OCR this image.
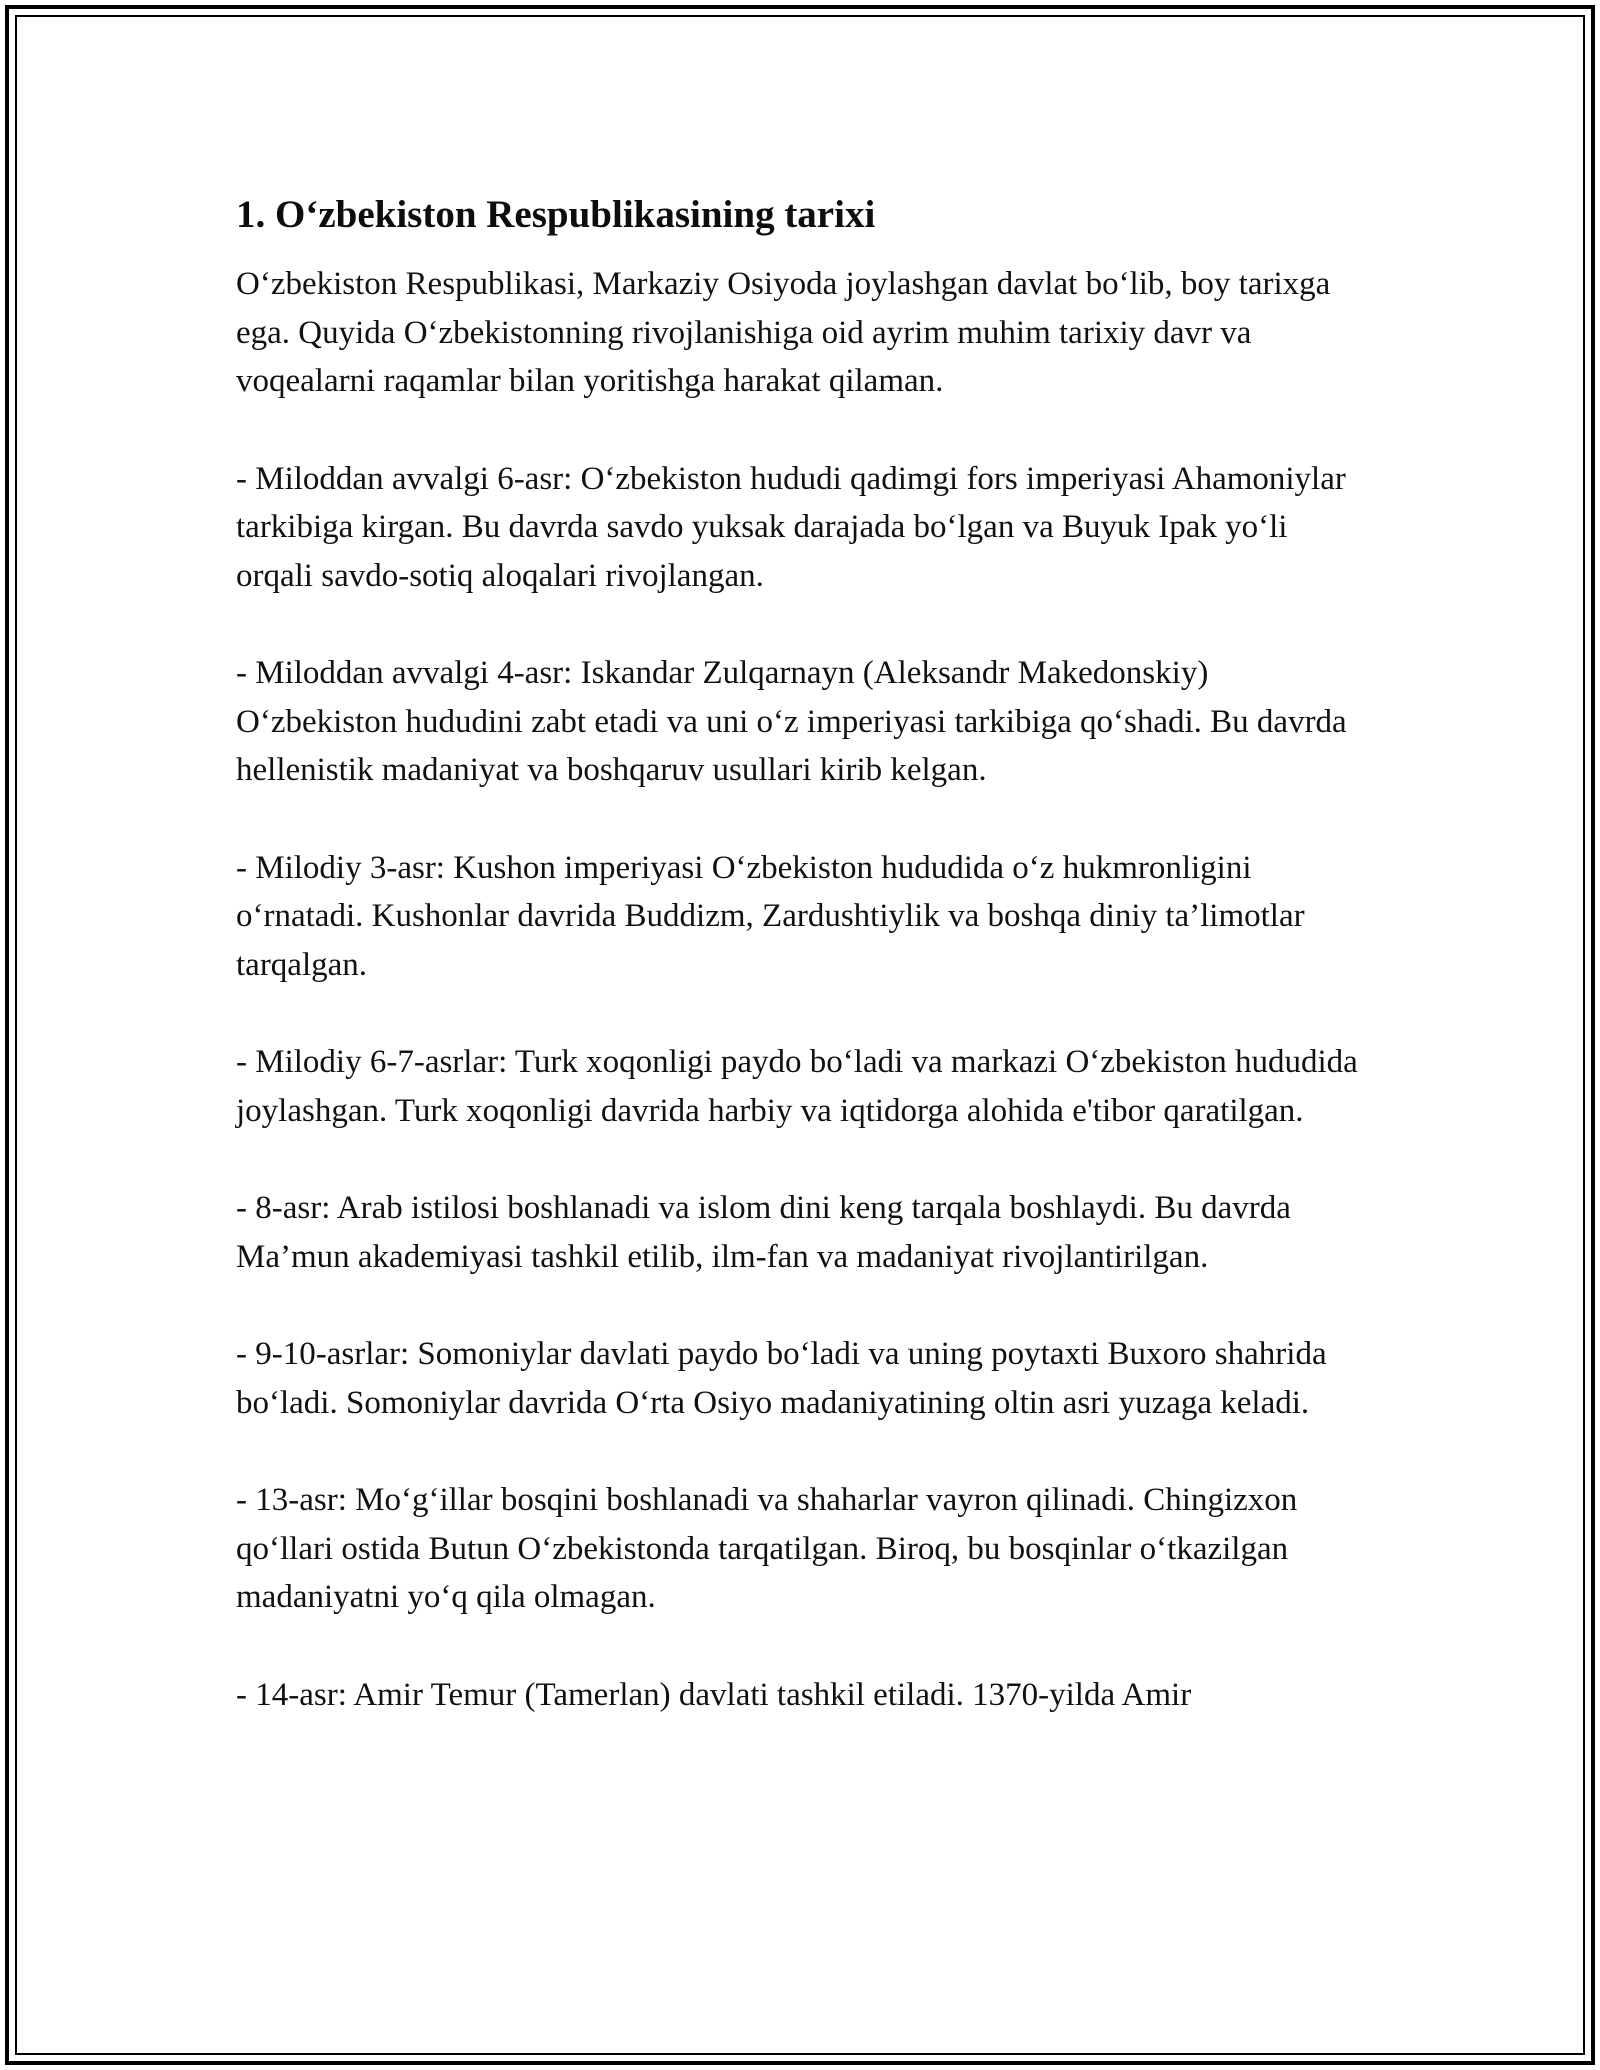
1. O‘zbekiston Respublikasining tarixi

O‘zbekiston Respublikasi, Markaziy Osiyoda joylashgan davlat bo‘lib, boy tarixga ega. Quyida O‘zbekistonning rivojlanishiga oid ayrim muhim tarixiy davr va voqealarni raqamlar bilan yoritishga harakat qilaman.

- Miloddan avvalgi 6-asr: O‘zbekiston hududi qadimgi fors imperiyasi Ahamoniylar tarkibiga kirgan. Bu davrda savdo yuksak darajada bo‘lgan va Buyuk Ipak yo‘li orqali savdo-sotiq aloqalari rivojlangan.

- Miloddan avvalgi 4-asr: Iskandar Zulqarnayn (Aleksandr Makedonskiy) O‘zbekiston hududini zabt etadi va uni o‘z imperiyasi tarkibiga qo‘shadi. Bu davrda hellenistik madaniyat va boshqaruv usullari kirib kelgan.

- Milodiy 3-asr: Kushon imperiyasi O‘zbekiston hududida o‘z hukmronligini o‘rnatadi. Kushonlar davrida Buddizm, Zardushtiylik va boshqa diniy ta’limotlar tarqalgan.

- Milodiy 6-7-asrlar: Turk xoqonligi paydo bo‘ladi va markazi O‘zbekiston hududida joylashgan. Turk xoqonligi davrida harbiy va iqtidorga alohida e'tibor qaratilgan.

- 8-asr: Arab istilosi boshlanadi va islom dini keng tarqala boshlaydi. Bu davrda Ma’mun akademiyasi tashkil etilib, ilm-fan va madaniyat rivojlantirilgan.

- 9-10-asrlar: Somoniylar davlati paydo bo‘ladi va uning poytaxti Buxoro shahrida bo‘ladi. Somoniylar davrida O‘rta Osiyo madaniyatining oltin asri yuzaga keladi.

- 13-asr: Mo‘g‘illar bosqini boshlanadi va shaharlar vayron qilinadi. Chingizxon qo‘llari ostida Butun O‘zbekistonda tarqatilgan. Biroq, bu bosqinlar o‘tkazilgan madaniyatni yo‘q qila olmagan.

- 14-asr: Amir Temur (Tamerlan) davlati tashkil etiladi. 1370-yilda Amir
